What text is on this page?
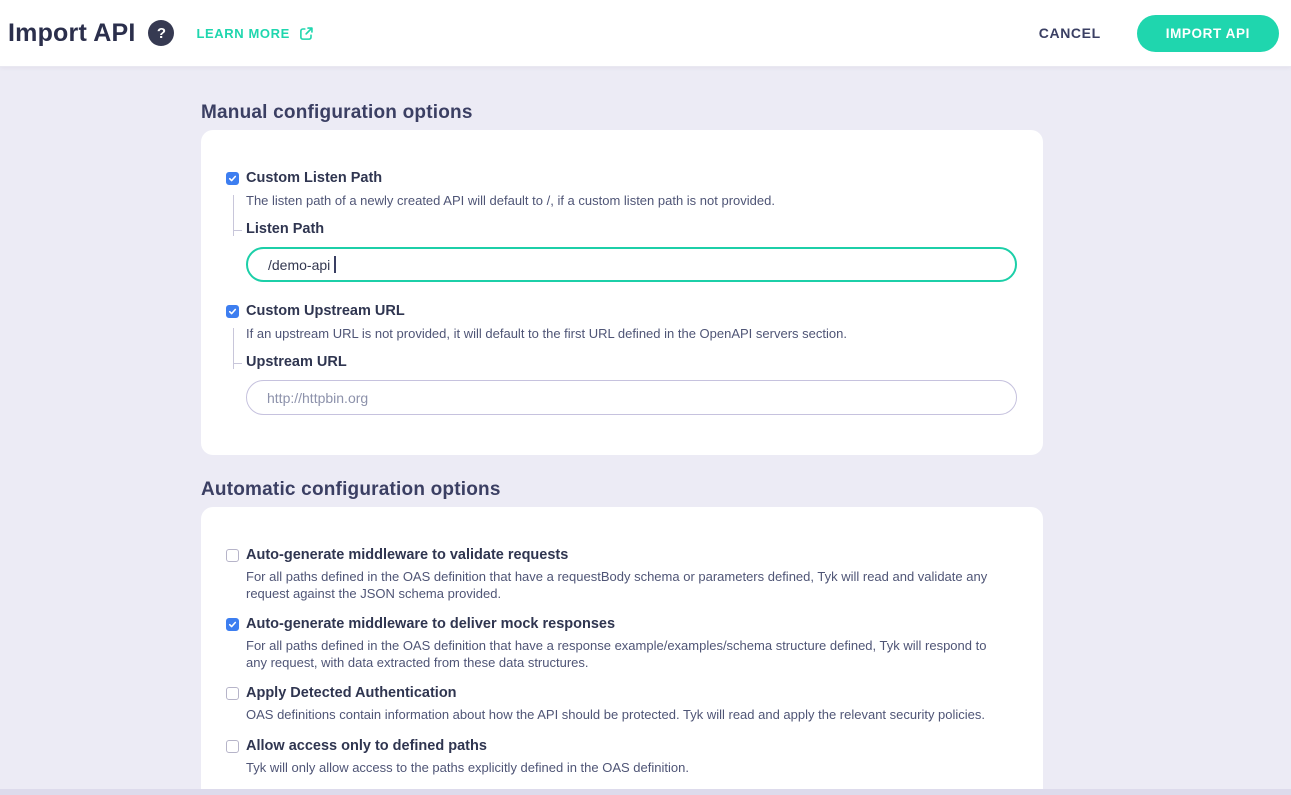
Import API ? LEARN MORE	CANCEL	IMPORT API
Manual configuration options
Custom Listen Path
The listen path of a newly created API will default to /, if a custom listen path is not provided.
Listen Path
/demo-api
Custom Upstream URL
If an upstream URL is not provided, it will default to the first URL defined in the OpenAPI servers section.
Upstream URL
http://httpbin.org
Automatic configuration options
Auto-generate middleware to validate requests
For all paths defined in the OAS definition that have a requestBody schema or parameters defined, Tyk will read and validate any request against the JSON schema provided.
Auto-generate middleware to deliver mock responses
For all paths defined in the OAS definition that have a response example/examples/schema structure defined, Tyk will respond to any request, with data extracted from these data structures.
Apply Detected Authentication
OAS definitions contain information about how the API should be protected. Tyk will read and apply the relevant security policies.
Allow access only to defined paths
Tyk will only allow access to the paths explicitly defined in the OAS definition.
